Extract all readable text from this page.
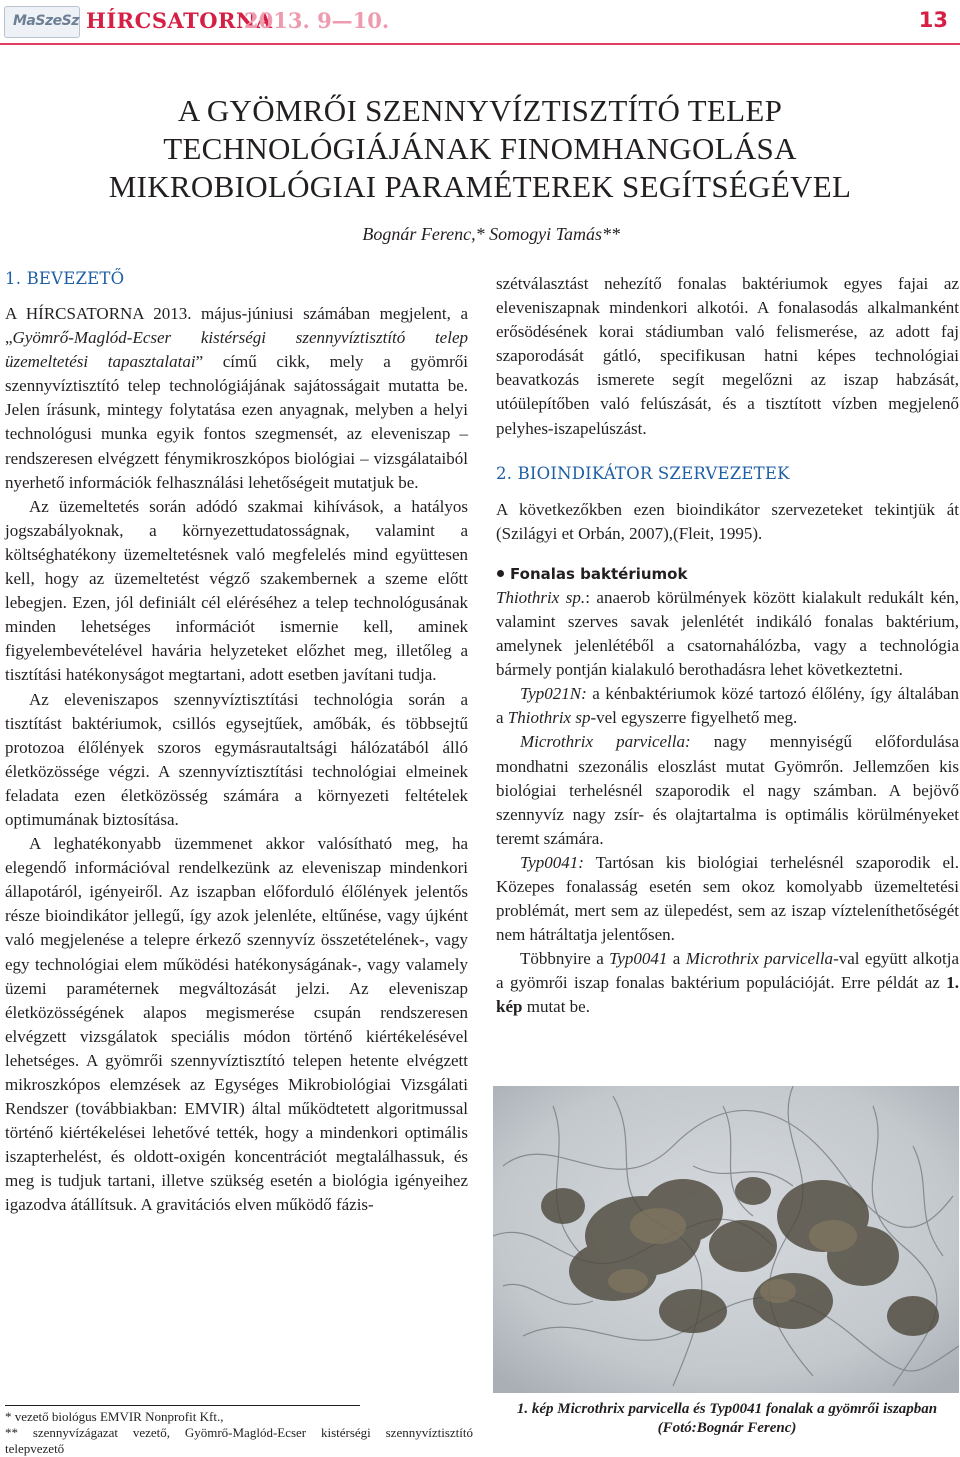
MaSzeSz HÍRCSATORNA
2013. 9—10.	13
A GYÖMRŐI SZENNYVÍZTISZTÍTÓ TELEP
TECHNOLÓGIÁJÁNAK FINOMHANGOLÁSA
MIKROBIOLÓGIAI PARAMÉTEREK SEGÍTSÉGÉVEL
Bognár Ferenc,* Somogyi Tamás**
1. BEVEZETŐ

A HÍRCSATORNA 2013. május-júniusi számában megjelent, a „Gyömrő-Maglód-Ecser kistérségi szennyvíztisztító telep üzemeltetési tapasztalatai” című cikk, mely a gyömrői szennyvíztisztító telep technológiájának sajátosságait mutatta be. Jelen írásunk, mintegy folytatása ezen anyagnak, melyben a helyi technológusi munka egyik fontos szegmensét, az eleveniszap – rendszeresen elvégzett fénymikroszkópos biológiai – vizsgálataiból nyerhető információk felhasználási lehetőségeit mutatjuk be.

Az üzemeltetés során adódó szakmai kihívások, a hatályos jogszabályoknak, a környezettudatosságnak, valamint a költséghatékony üzemeltetésnek való megfelelés mind együttesen kell, hogy az üzemeltetést végző szakembernek a szeme előtt lebegjen. Ezen, jól definiált cél eléréséhez a telep technológusának minden lehetséges információt ismernie kell, aminek figyelembevételével haváriа helyzeteket előzhet meg, illetőleg a tisztítási hatékonyságot megtartani, adott esetben javítani tudja.

Az eleveniszapos szennyvíztisztítási technológia során a tisztítást baktériumok, csillós egysejtűek, amőbák, és többsejtű protozoa élőlények szoros egymásrautaltsági hálózatából álló életközössége végzi. A szennyvíztisztítási technológiai elmeinek feladata ezen életközösség számára a környezeti feltételek optimumának biztosítása.

A leghatékonyabb üzemmenet akkor valósítható meg, ha elegendő információval rendelkezünk az eleveniszap mindenkori állapotáról, igényeiről. Az iszapban előforduló élőlények jelentős része bioindikátor jellegű, így azok jelenléte, eltűnése, vagy újként való megjelenése a telepre érkező szennyvíz összetételének-, vagy egy technológiai elem működési hatékonyságának-, vagy valamely üzemi paraméternek megváltozását jelzi. Az eleveniszap életközösségének alapos megismerése csupán rendszeresen elvégzett vizsgálatok speciális módon történő kiértékelésével lehetséges. A gyömrői szennyvíztisztító telepen hetente elvégzett mikroszkópos elemzések az Egységes Mikrobiológiai Vizsgálati Rendszer (továbbiakban: EMVIR) által működtetett algoritmussal történő kiértékelései lehetővé tették, hogy a mindenkori optimális iszapterhelést, és oldott-oxigén koncentrációt megtalálhassuk, és meg is tudjuk tartani, illetve szükség esetén a biológia igényeihez igazodva átállítsuk. A gravitációs elven működő fázis-

szétválasztást nehezítő fonalas baktériumok egyes fajai az eleveniszapnak mindenkori alkotói. A fonalasodás alkalmanként erősödésének korai stádiumban való felismerése, az adott faj szaporodását gátló, specifikusan hatni képes technológiai beavatkozás ismerete segít megelőzni az iszap habzását, utóülepítőben való felúszását, és a tisztított vízben megjelenő pelyhes-iszapelúszást.

2. BIOINDIKÁTOR SZERVEZETEK

A következőkben ezen bioindikátor szervezeteket tekintjük át (Szilágyi et Orbán, 2007),(Fleit, 1995).

Fonalas baktériumok

Thiothrix sp.: anaerob körülmények között kialakult redukált kén, valamint szerves savak jelenlétét indikáló fonalas baktérium, amelynek jelenlétéből a csatornahálózba, vagy a technológia bármely pontján kialakuló berothadásra lehet következtetni.

Typ021N: a kénbaktériumok közé tartozó élőlény, így általában a Thiothrix sp-vel egyszerre figyelhető meg.

Microthrix parvicella: nagy mennyiségű előfordulása mondhatni szezonális eloszlást mutat Gyömrőn. Jellemzően kis biológiai terhelésnél szaporodik el nagy számban. A bejövő szennyvíz nagy zsír- és olajtartalma is optimális körülményeket teremt számára.

Typ0041: Tartósan kis biológiai terhelésnél szaporodik el. Közepes fonalasság esetén sem okoz komolyabb üzemeltetési problémát, mert sem az ülepedést, sem az iszap vízteleníthetőségét nem hátráltatja jelentősen.

Többnyire a Typ0041 a Microthrix parvicella-val együtt alkotja a gyömrői iszap fonalas baktérium populációját. Erre példát az 1. kép mutat be.

1. kép Microthrix parvicella és Typ0041 fonalak a gyömrői iszapban (Fotó:Bognár Ferenc)

* vezető biológus EMVIR Nonprofit Kft.,

** szennyvízágazat vezető, Gyömrő-Maglód-Ecser kistérségi szennyvíztisztító telepvezető
